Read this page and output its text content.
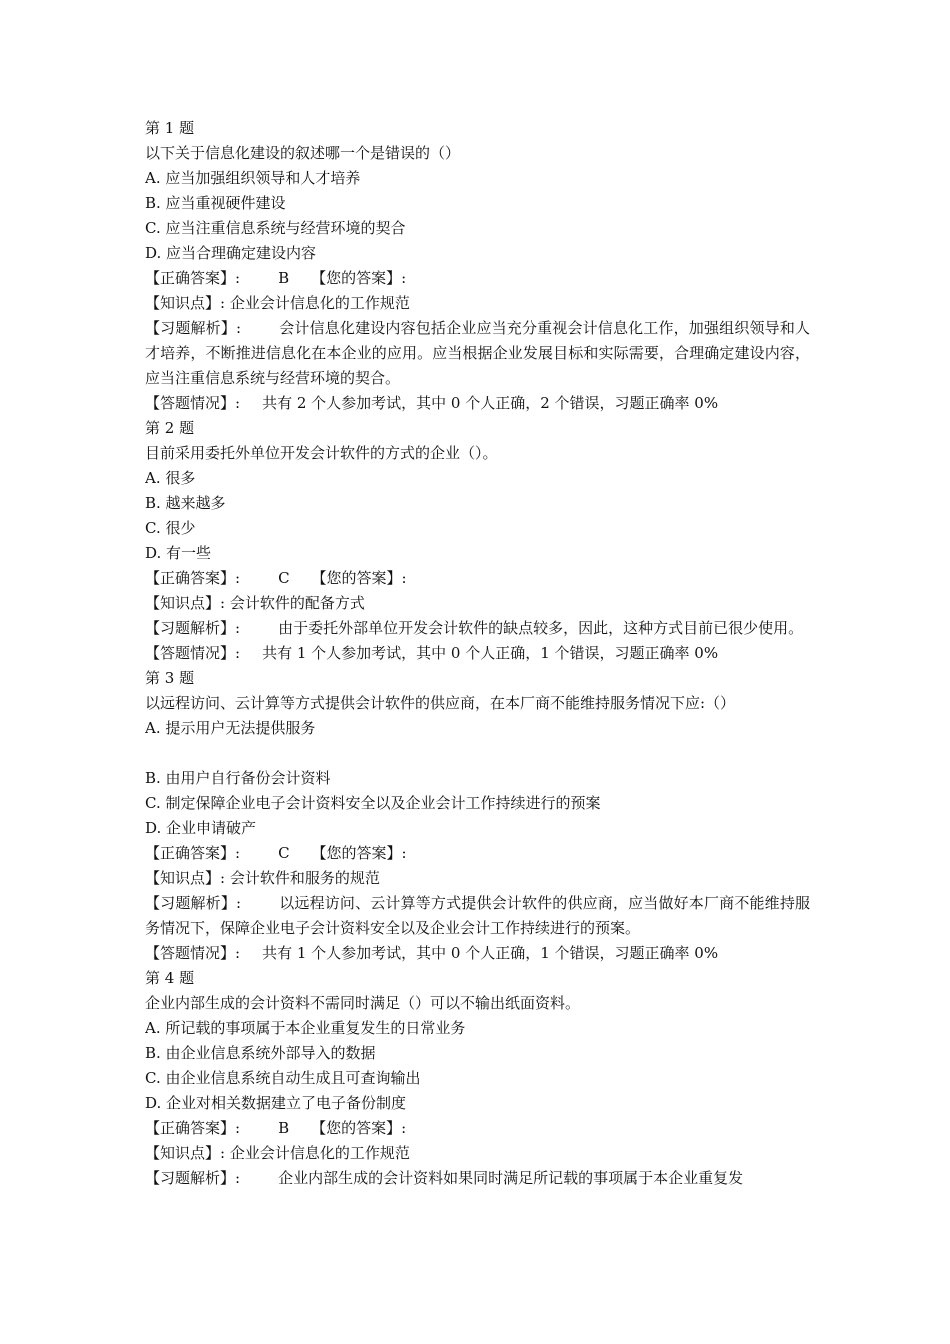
第 1 题
以下关于信息化建设的叙述哪一个是错误的（）
A. 应当加强组织领导和人才培养
B. 应当重视硬件建设
C. 应当注重信息系统与经营环境的契合
D. 应当合理确定建设内容
【正确答案】:	B 【您的答案】:
【知识点】: 企业会计信息化的工作规范
【习题解析】:	会计信息化建设内容包括企业应当充分重视会计信息化工作，加强组织领导和人才培养，不断推进信息化在本企业的应用。应当根据企业发展目标和实际需要，合理确定建设内容，应当注重信息系统与经营环境的契合。
【答题情况】: 共有 2 个人参加考试，其中 0 个人正确，2 个错误，习题正确率 0%
第 2 题
目前采用委托外单位开发会计软件的方式的企业（）。
A. 很多
B. 越来越多
C. 很少
D. 有一些
【正确答案】:	C 【您的答案】:
【知识点】: 会计软件的配备方式
【习题解析】:	由于委托外部单位开发会计软件的缺点较多，因此，这种方式目前已很少使用。
【答题情况】: 共有 1 个人参加考试，其中 0 个人正确，1 个错误，习题正确率 0%
第 3 题
以远程访问、云计算等方式提供会计软件的供应商，在本厂商不能维持服务情况下应:（）
A. 提示用户无法提供服务
B. 由用户自行备份会计资料
C. 制定保障企业电子会计资料安全以及企业会计工作持续进行的预案
D. 企业申请破产
【正确答案】:	C 【您的答案】:
【知识点】: 会计软件和服务的规范
【习题解析】:	以远程访问、云计算等方式提供会计软件的供应商，应当做好本厂商不能维持服务情况下，保障企业电子会计资料安全以及企业会计工作持续进行的预案。
【答题情况】: 共有 1 个人参加考试，其中 0 个人正确，1 个错误，习题正确率 0%
第 4 题
企业内部生成的会计资料不需同时满足（）可以不输出纸面资料。
A. 所记载的事项属于本企业重复发生的日常业务
B. 由企业信息系统外部导入的数据
C. 由企业信息系统自动生成且可查询输出
D. 企业对相关数据建立了电子备份制度
【正确答案】:	B 【您的答案】:
【知识点】: 企业会计信息化的工作规范
【习题解析】:	企业内部生成的会计资料如果同时满足所记载的事项属于本企业重复发
